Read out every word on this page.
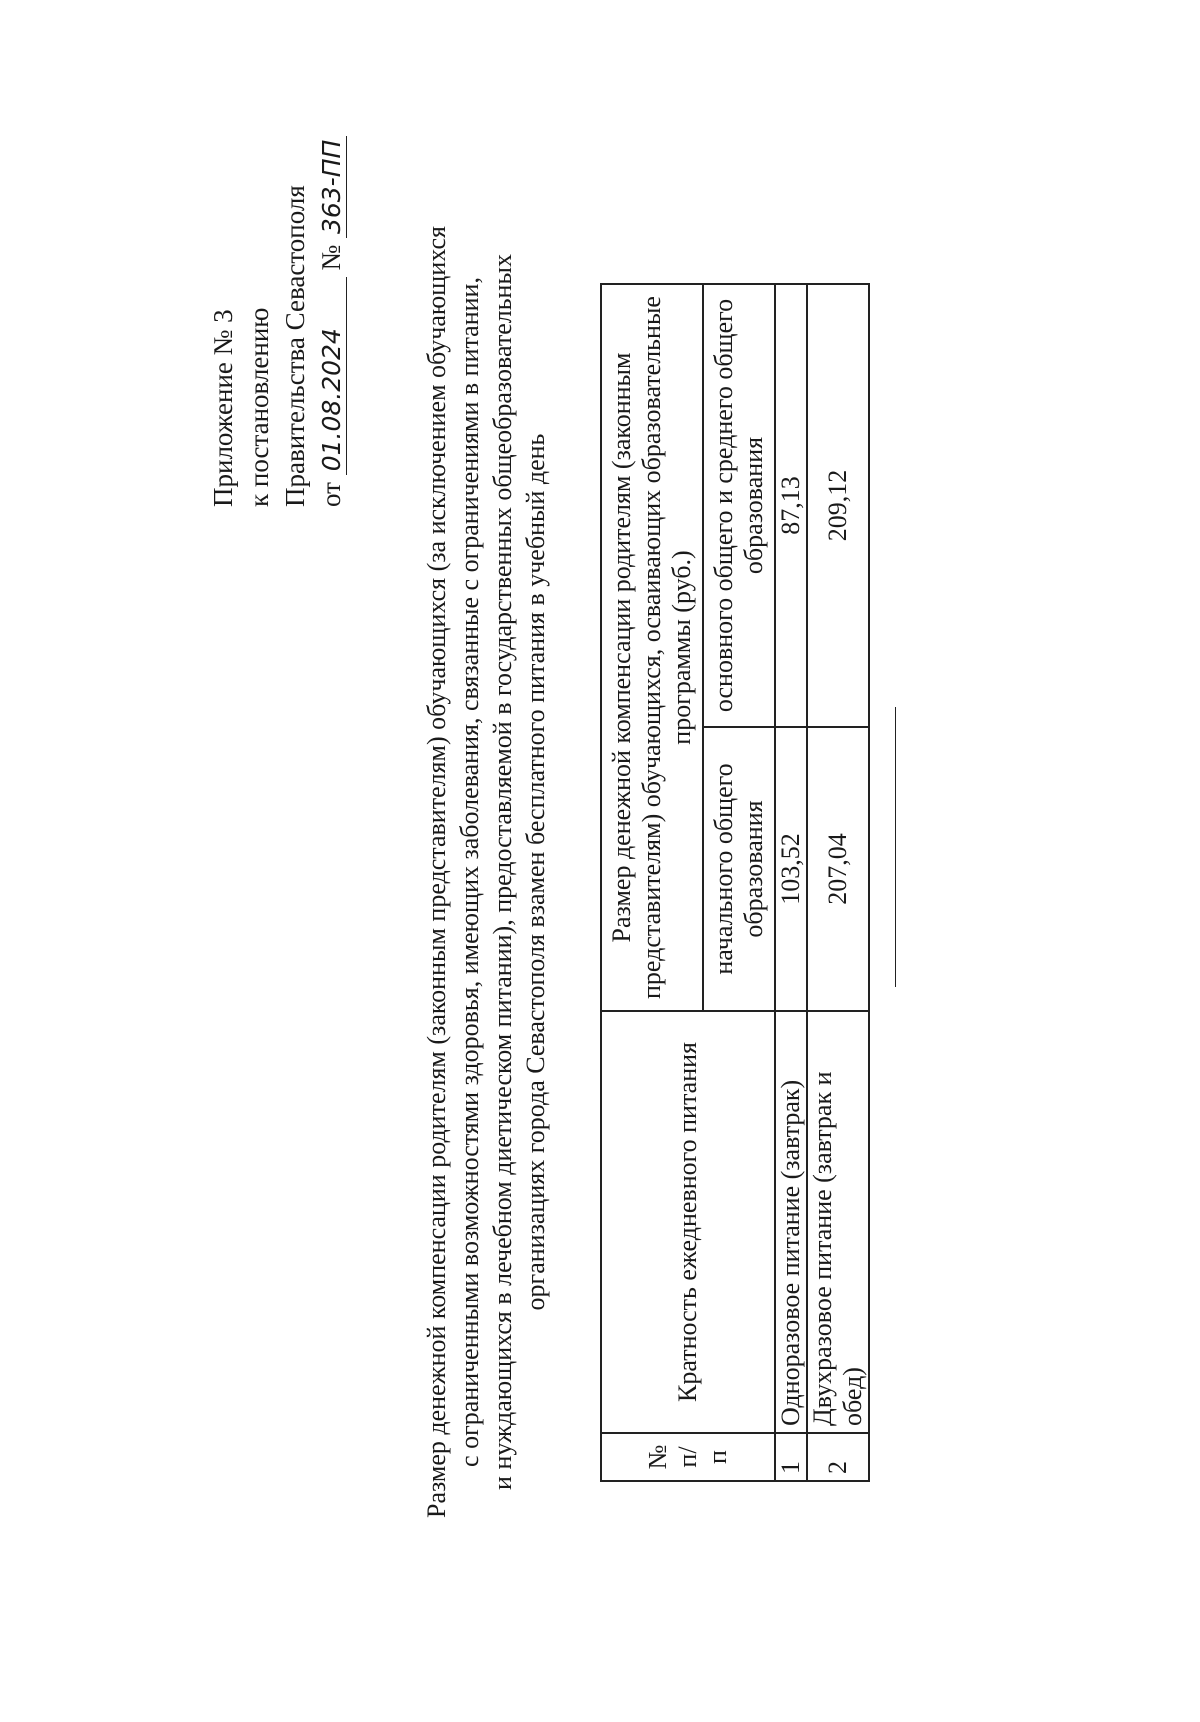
Приложение № 3 к постановлению Правительства Севастополя от 01.08.2024 № 363-ПП
Размер денежной компенсации родителям (законным представителям) обучающихся (за исключением обучающихся с ограниченными возможностями здоровья, имеющих заболевания, связанные с ограничениями в питании, и нуждающихся в лечебном диетическом питании), предоставляемой в государственных общеобразовательных организациях города Севастополя взамен бесплатного питания в учебный день
№ п/п	Кратность ежедневного питания	Размер денежной компенсации родителям (законным представителям) обучающихся, осваивающих образовательные программы (руб.)	
		начального общего образования	основного общего и среднего общего образования
1	Одноразовое питание (завтрак)	103,52	87,13
2	Двухразовое питание (завтрак и обед)	207,04	209,12
